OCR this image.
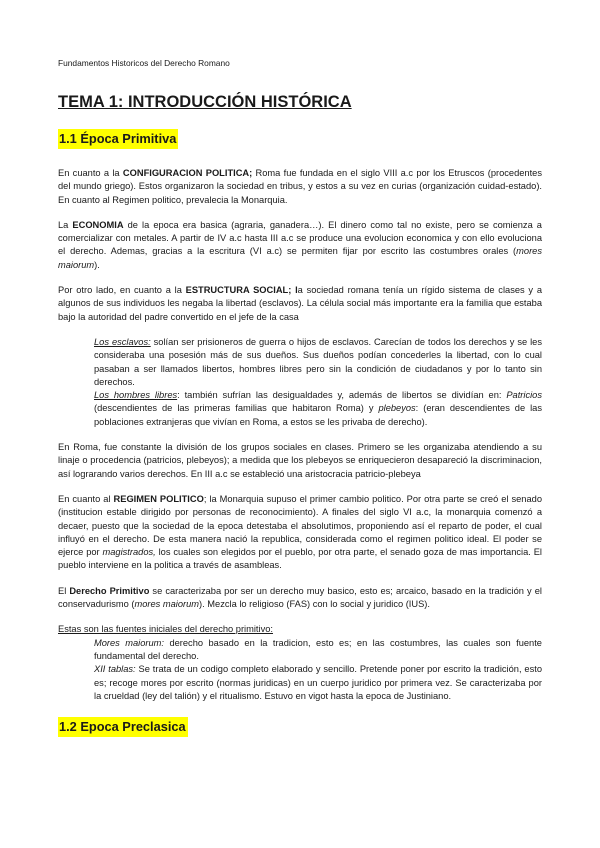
Fundamentos Historicos del Derecho Romano
TEMA 1: INTRODUCCIÓN HISTÓRICA
1.1 Época Primitiva

En cuanto a la CONFIGURACION POLITICA; Roma fue fundada en el siglo VIII a.c por los Etruscos (procedentes del mundo griego). Estos organizaron la sociedad en tribus, y estos a su vez en curias (organización cuidad-estado). En cuanto al Regimen politico, prevalecia la Monarquia.

La ECONOMIA de la epoca era basica (agraria, ganadera…). El dinero como tal no existe, pero se comienza a comercializar con metales. A partir de IV a.c hasta III a.c se produce una evolucion economica y con ello evoluciona el derecho. Ademas, gracias a la escritura (VI a.c) se permiten fijar por escrito las costumbres orales (mores maiorum).

Por otro lado, en cuanto a la ESTRUCTURA SOCIAL; la sociedad romana tenía un rígido sistema de clases y a algunos de sus individuos les negaba la libertad (esclavos). La célula social más importante era la familia que estaba bajo la autoridad del padre convertido en el jefe de la casa

Los esclavos: solían ser prisioneros de guerra o hijos de esclavos. Carecían de todos los derechos y se les consideraba una posesión más de sus dueños. Sus dueños podían concederles la libertad, con lo cual pasaban a ser llamados libertos, hombres libres pero sin la condición de ciudadanos y por lo tanto sin derechos.

Los hombres libres: también sufrían las desigualdades y, además de libertos se dividían en: Patricios (descendientes de las primeras familias que habitaron Roma) y plebeyos: (eran descendientes de las poblaciones extranjeras que vivían en Roma, a estos se les privaba de derecho).

En Roma, fue constante la división de los grupos sociales en clases. Primero se les organizaba atendiendo a su linaje o procedencia (patricios, plebeyos); a medida que los plebeyos se enriquecieron desapareció la discriminacion, así lograrando varios derechos. En III a.c se estableció una aristocracia patricio-plebeya

En cuanto al REGIMEN POLITICO; la Monarquia supuso el primer cambio politico. Por otra parte se creó el senado (institucion estable dirigido por personas de reconocimiento). A finales del siglo VI a.c, la monarquia comenzó a decaer, puesto que la sociedad de la epoca detestaba el absolutimos, proponiendo así el reparto de poder, el cual influyó en el derecho. De esta manera nació la republica, considerada como el regimen politico ideal. El poder se ejerce por magistrados, los cuales son elegidos por el pueblo, por otra parte, el senado goza de mas importancia. El pueblo interviene en la politica a través de asambleas.

El Derecho Primitivo se caracterizaba por ser un derecho muy basico, esto es; arcaico, basado en la tradición y el conservadurismo (mores maiorum). Mezcla lo religioso (FAS) con lo social y juridico (IUS).

Estas son las fuentes iniciales del derecho primitivo:

Mores maiorum: derecho basado en la tradicion, esto es; en las costumbres, las cuales son fuente fundamental del derecho.

XII tablas: Se trata de un codigo completo elaborado y sencillo. Pretende poner por escrito la tradición, esto es; recoge mores por escrito (normas juridicas) en un cuerpo juridico por primera vez. Se caracterizaba por la crueldad (ley del talión) y el ritualismo. Estuvo en vigot hasta la epoca de Justiniano.

1.2 Epoca Preclasica
